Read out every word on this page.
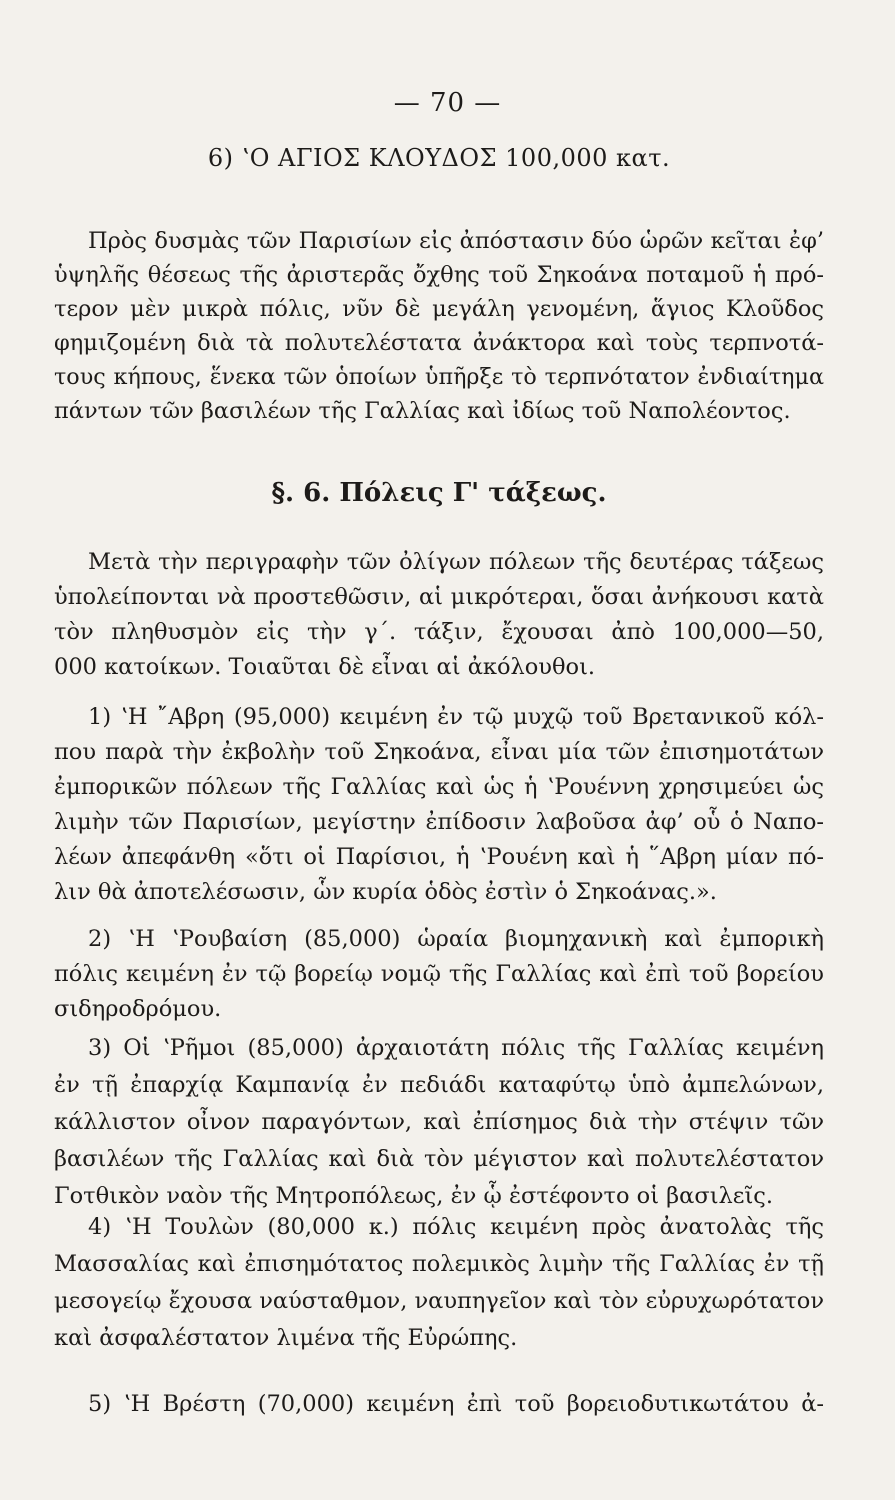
— 70 —
6) ʽΟ ΑΓΙΟΣ ΚΛΟΥΔΟΣ 100,000 κατ.
Πρὸς δυσμὰς τῶν Παρισίων εἰς ἀπόστασιν δύο ὡρῶν κεῖται ἐφ’
ὑψηλῆς θέσεως τῆς ἀριστερᾶς ὄχθης τοῦ Σηκοάνα ποταμοῦ ἡ πρό-
τερον μὲν μικρὰ πόλις, νῦν δὲ μεγάλη γενομένη, ἅγιος Κλοῦδος
φημιζομένη διὰ τὰ πολυτελέστατα ἀνάκτορα καὶ τοὺς τερπνοτά-
τους κήπους, ἕνεκα τῶν ὁποίων ὑπῆρξε τὸ τερπνότατον ἐνδιαίτημα
πάντων τῶν βασιλέων τῆς Γαλλίας καὶ ἰδίως τοῦ Ναπολέοντος.
§. 6. Πόλεις Γ' τάξεως.
Μετὰ τὴν περιγραφὴν τῶν ὀλίγων πόλεων τῆς δευτέρας τάξεως
ὑπολείπονται νὰ προστεθῶσιν, αἱ μικρότεραι, ὅσαι ἀνήκουσι κατὰ
τὸν πληθυσμὸν εἰς τὴν γ΄. τάξιν, ἔχουσαι ἀπὸ 100,000—50,
000 κατοίκων. Τοιαῦται δὲ εἶναι αἱ ἀκόλουθοι.
1) ʽΗ ῎Αβρη (95,000) κειμένη ἐν τῷ μυχῷ τοῦ Βρετανικοῦ κόλ-
που παρὰ τὴν ἐκβολὴν τοῦ Σηκοάνα, εἶναι μία τῶν ἐπισημοτάτων
ἐμπορικῶν πόλεων τῆς Γαλλίας καὶ ὡς ἡ ʽΡουέννη χρησιμεύει ὡς
λιμὴν τῶν Παρισίων, μεγίστην ἐπίδοσιν λαβοῦσα ἀφ’ οὗ ὁ Ναπο-
λέων ἀπεφάνθη «ὅτι οἱ Παρίσιοι, ἡ ʽΡουένη καὶ ἡ ῞Αβρη μίαν πό-
λιν θὰ ἀποτελέσωσιν, ὧν κυρία ὁδὸς ἐστὶν ὁ Σηκοάνας.».
2) ʽΗ ʽΡουβαίση (85,000) ὡραία βιομηχανικὴ καὶ ἐμπορικὴ
πόλις κειμένη ἐν τῷ βορείῳ νομῷ τῆς Γαλλίας καὶ ἐπὶ τοῦ βορείου
σιδηροδρόμου.
3) Οἱ ʽΡῆμοι (85,000) ἀρχαιοτάτη πόλις τῆς Γαλλίας κειμένη
ἐν τῇ ἐπαρχίᾳ Καμπανίᾳ ἐν πεδιάδι καταφύτῳ ὑπὸ ἀμπελώνων,
κάλλιστον οἶνον παραγόντων, καὶ ἐπίσημος διὰ τὴν στέψιν τῶν
βασιλέων τῆς Γαλλίας καὶ διὰ τὸν μέγιστον καὶ πολυτελέστατον
Γοτθικὸν ναὸν τῆς Μητροπόλεως, ἐν ᾧ ἐστέφοντο οἱ βασιλεῖς.
4) ʽΗ Τουλὼν (80,000 κ.) πόλις κειμένη πρὸς ἀνατολὰς τῆς
Μασσαλίας καὶ ἐπισημότατος πολεμικὸς λιμὴν τῆς Γαλλίας ἐν τῇ
μεσογείῳ ἔχουσα ναύσταθμον, ναυπηγεῖον καὶ τὸν εὐρυχωρότατον
καὶ ἀσφαλέστατον λιμένα τῆς Εὐρώπης.
5) ʽΗ Βρέστη (70,000) κειμένη ἐπὶ τοῦ βορειοδυτικωτάτου ἀ-
